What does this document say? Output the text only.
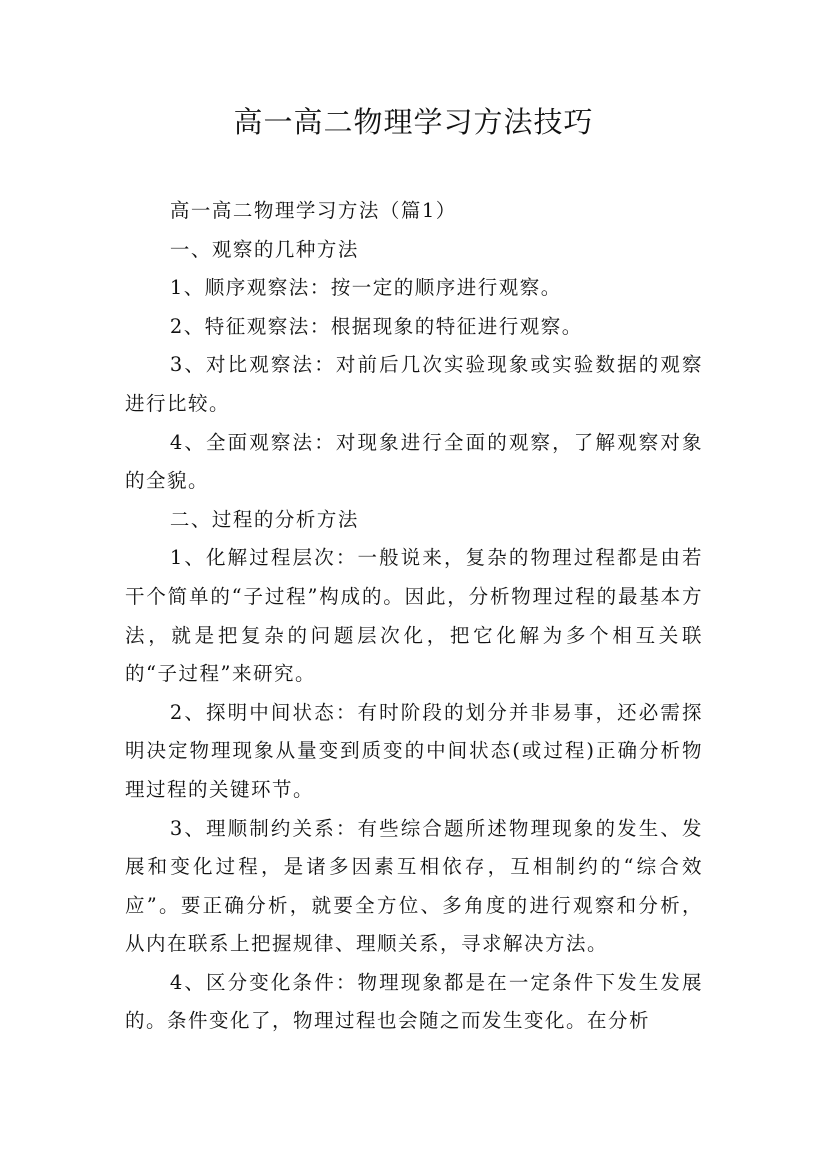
高一高二物理学习方法技巧

高一高二物理学习方法（篇1）

一、观察的几种方法

1、顺序观察法：按一定的顺序进行观察。

2、特征观察法：根据现象的特征进行观察。

3、对比观察法：对前后几次实验现象或实验数据的观察进行比较。

4、全面观察法：对现象进行全面的观察，了解观察对象的全貌。

二、过程的分析方法

1、化解过程层次：一般说来，复杂的物理过程都是由若干个简单的“子过程”构成的。因此，分析物理过程的最基本方法，就是把复杂的问题层次化，把它化解为多个相互关联的“子过程”来研究。

2、探明中间状态：有时阶段的划分并非易事，还必需探明决定物理现象从量变到质变的中间状态(或过程)正确分析物理过程的关键环节。

3、理顺制约关系：有些综合题所述物理现象的发生、发展和变化过程，是诸多因素互相依存，互相制约的“综合效应”。要正确分析，就要全方位、多角度的进行观察和分析，从内在联系上把握规律、理顺关系，寻求解决方法。

4、区分变化条件：物理现象都是在一定条件下发生发展的。条件变化了，物理过程也会随之而发生变化。在分析
